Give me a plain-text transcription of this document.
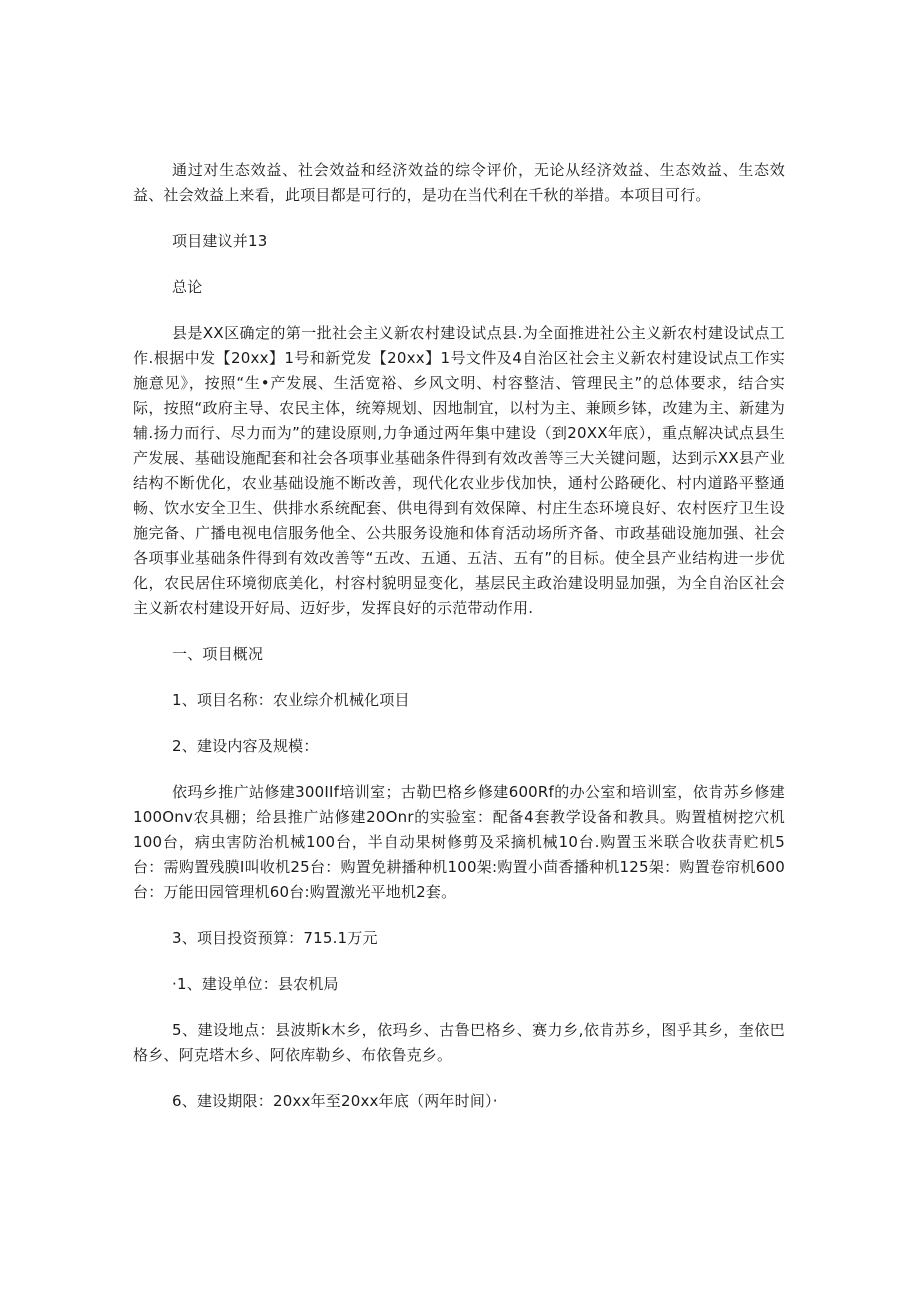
通过对生态效益、社会效益和经济效益的综令评价，无论从经济效益、生态效益、生态效益、社会效益上来看，此项目都是可行的，是功在当代利在千秋的举措。本项目可行。

项目建议并13

总论

县是XX区确定的第一批社会主义新农村建设试点县.为全面推进社公主义新农村建设试点工作.根据中发【20xx】1号和新党发【20xx】1号文件及4自治区社会主义新农村建设试点工作实施意见》，按照“生•产发展、生活宽裕、乡风文明、村容整洁、管理民主”的总体要求，结合实际，按照“政府主导、农民主体，统筹规划、因地制宜，以村为主、兼顾乡钵，改建为主、新建为辅.扬力而行、尽力而为”的建设原则,力争通过两年集中建设（到20XX年底），重点解决试点县生产发展、基础设施配套和社会各项事业基础条件得到有效改善等三大关键问题，达到示XX县产业结构不断优化，农业基础设施不断改善，现代化农业步伐加快，通村公路硬化、村内道路平整通畅、饮水安全卫生、供排水系统配套、供电得到有效保障、村庄生态环境良好、农村医疗卫生设施完备、广播电视电信服务他全、公共服务设施和体育活动场所齐备、市政基础设施加强、社会各项事业基础条件得到有效改善等“五改、五通、五洁、五有”的目标。使全县产业结构进一步优化，农民居住环境彻底美化，村容村貌明显变化，基层民主政治建设明显加强，为全自治区社会主义新农村建设开好局、迈好步，发挥良好的示范带动作用.

一、项目概况

1、项目名称：农业综介机械化项目

2、建设内容及规模：

依玛乡推广站修建300IIf培训室；古勒巴格乡修建600Rf的办公室和培训室，依肯苏乡修建100Onv农具棚；给县推广站修建20Onr的实验室：配备4套教学设备和教具。购置植树挖穴机100台，病虫害防治机械100台，半自动果树修剪及采摘机械10台.购置玉米联合收获青贮机5台：需购置残膜I叫收机25台：购置免耕播种机100架:购置小茴香播种机125架：购置卷帘机600台：万能田园管理机60台:购置激光平地机2套。

3、项目投资预算：715.1万元

·1、建设单位：县农机局

5、建设地点：县波斯k木乡，依玛乡、古鲁巴格乡、赛力乡,依肯苏乡，图乎其乡，奎依巴格乡、阿克塔木乡、阿依库勒乡、布依鲁克乡。

6、建设期限：20xx年至20xx年底（两年时间）·
